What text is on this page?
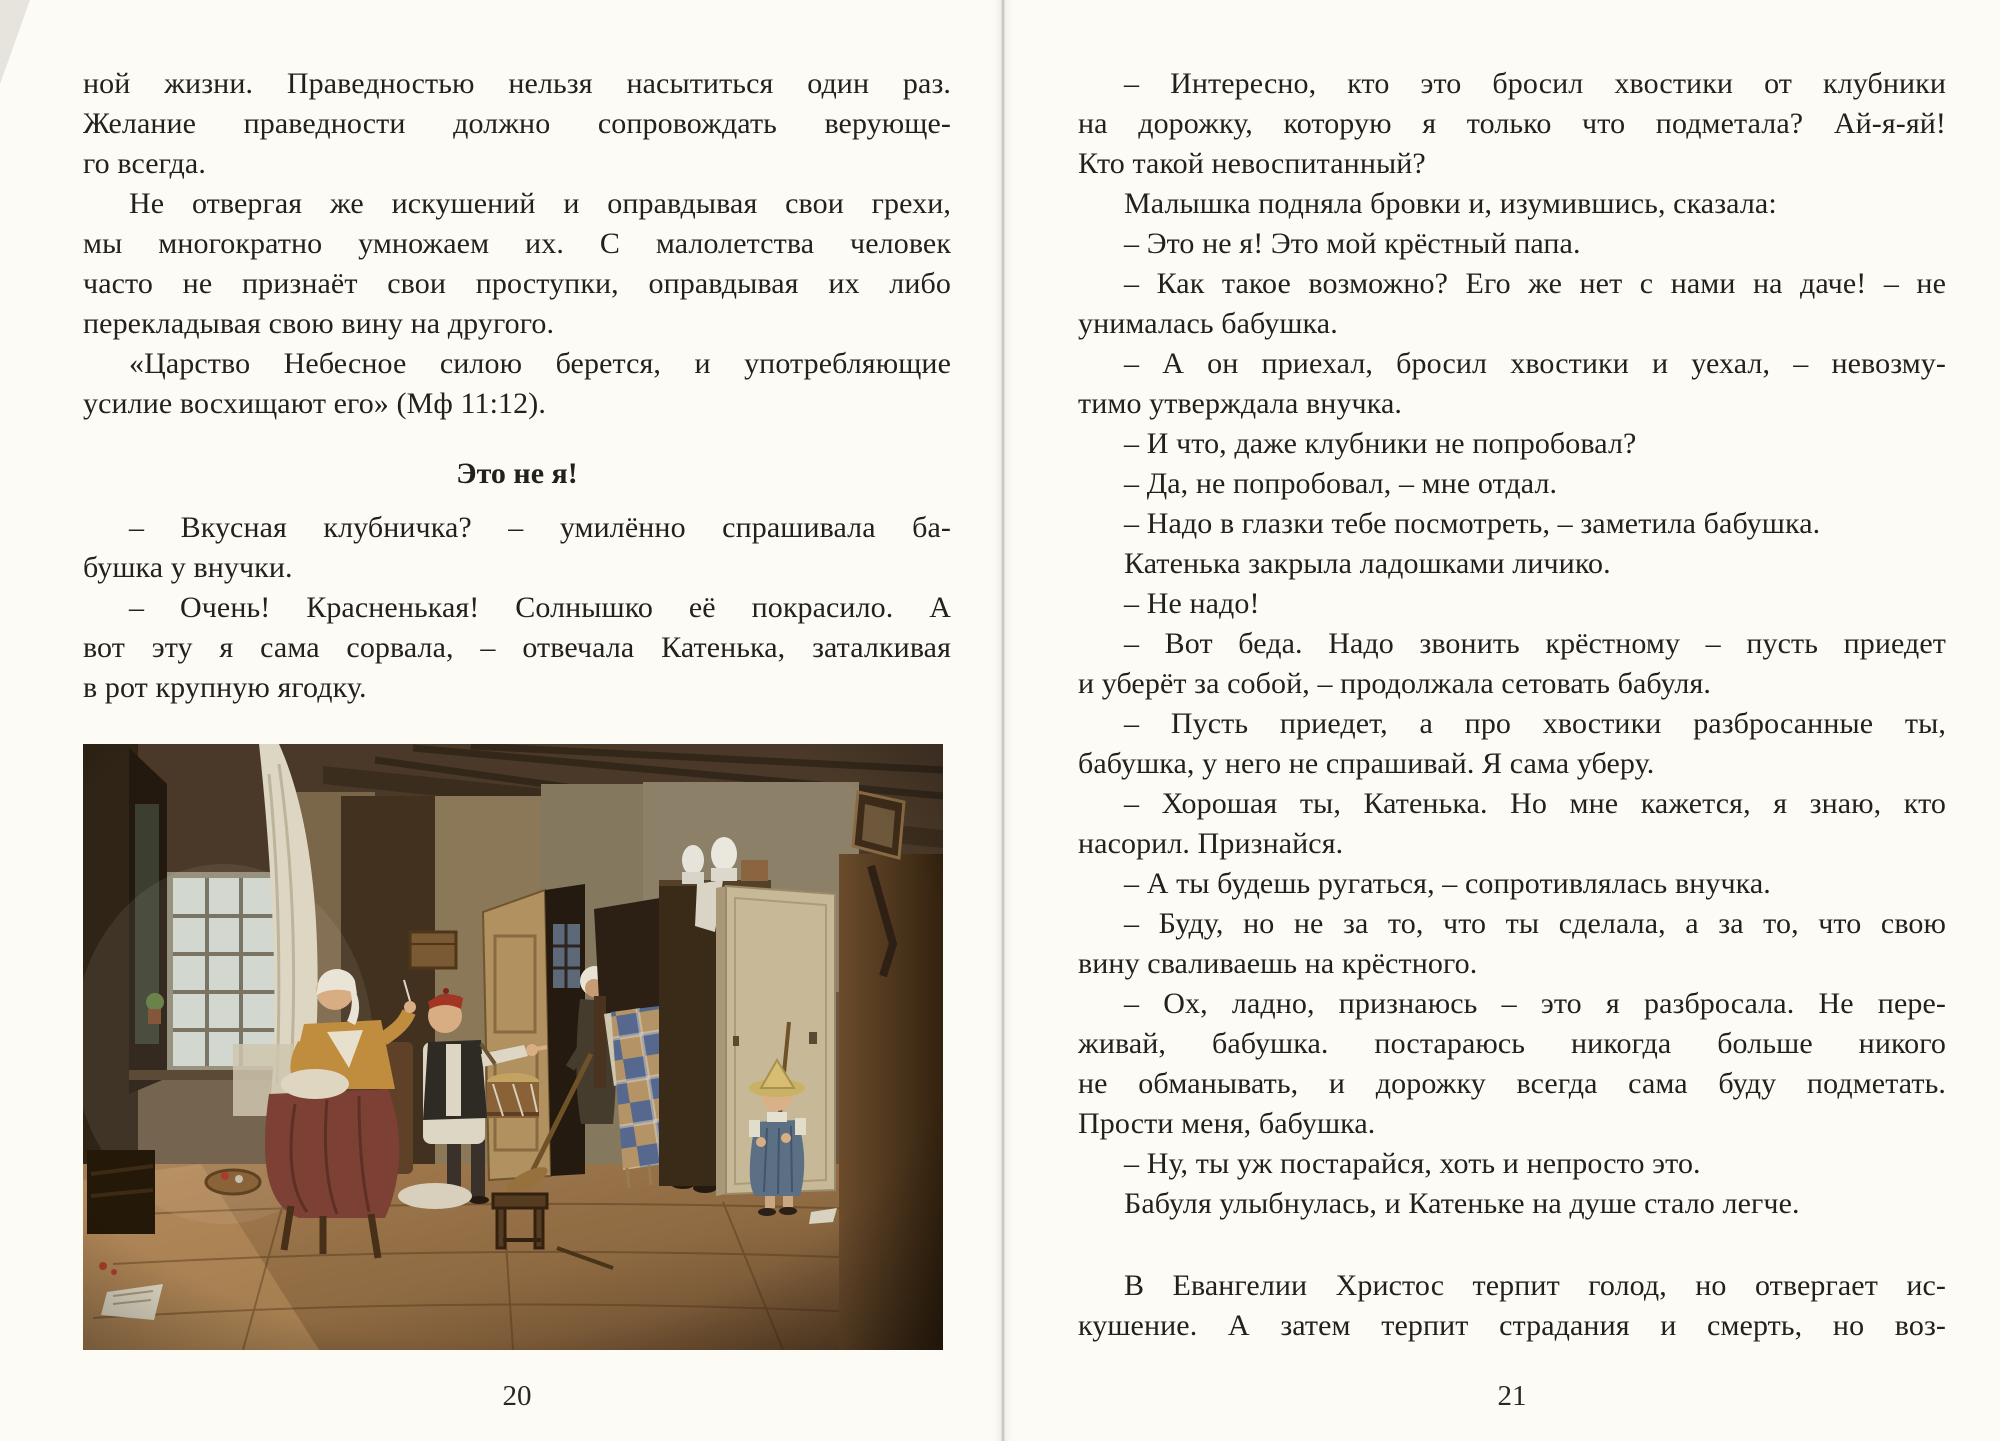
ной жизни. Праведностью нельзя насытиться один раз.
Желание праведности должно сопровождать верующе-
го всегда.
Не отвергая же искушений и оправдывая свои грехи,
мы многократно умножаем их. С малолетства человек
часто не признаёт свои проступки, оправдывая их либо
перекладывая свою вину на другого.
«Царство Небесное силою берется, и употребляющие
усилие восхищают его» (Мф 11:12).
Это не я!
– Вкусная клубничка? – умилённо спрашивала ба-
бушка у внучки.
– Очень! Красненькая! Солнышко её покрасило. А
вот эту я сама сорвала, – отвечала Катенька, заталкивая
в рот крупную ягодку.
20
– Интересно, кто это бросил хвостики от клубники
на дорожку, которую я только что подметала? Ай-я-яй!
Кто такой невоспитанный?
Малышка подняла бровки и, изумившись, сказала:
– Это не я! Это мой крёстный папа.
– Как такое возможно? Его же нет с нами на даче! – не
унималась бабушка.
– А он приехал, бросил хвостики и уехал, – невозму-
тимо утверждала внучка.
– И что, даже клубники не попробовал?
– Да, не попробовал, – мне отдал.
– Надо в глазки тебе посмотреть, – заметила бабушка.
Катенька закрыла ладошками личико.
– Не надо!
– Вот беда. Надо звонить крёстному – пусть приедет
и уберёт за собой, – продолжала сетовать бабуля.
– Пусть приедет, а про хвостики разбросанные ты,
бабушка, у него не спрашивай. Я сама уберу.
– Хорошая ты, Катенька. Но мне кажется, я знаю, кто
насорил. Признайся.
– А ты будешь ругаться, – сопротивлялась внучка.
– Буду, но не за то, что ты сделала, а за то, что свою
вину сваливаешь на крёстного.
– Ох, ладно, признаюсь – это я разбросала. Не пере-
живай, бабушка. постараюсь никогда больше никого
не обманывать, и дорожку всегда сама буду подметать.
Прости меня, бабушка.
– Ну, ты уж постарайся, хоть и непросто это.
Бабуля улыбнулась, и Катеньке на душе стало легче.
В Евангелии Христос терпит голод, но отвергает ис-
кушение. А затем терпит страдания и смерть, но воз-
21
